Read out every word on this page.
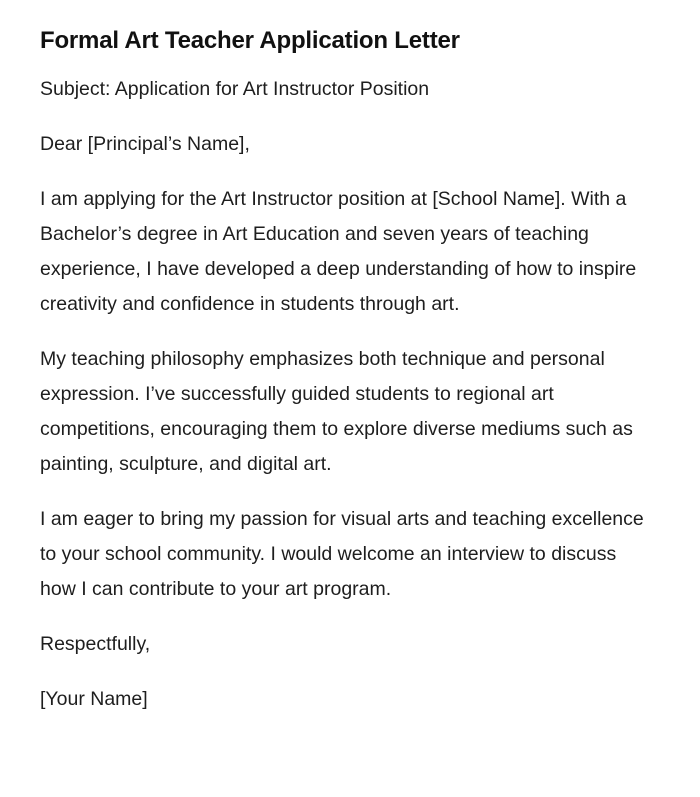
Formal Art Teacher Application Letter

Subject: Application for Art Instructor Position

Dear [Principal’s Name],

I am applying for the Art Instructor position at [School Name]. With a Bachelor’s degree in Art Education and seven years of teaching experience, I have developed a deep understanding of how to inspire creativity and confidence in students through art.

My teaching philosophy emphasizes both technique and personal expression. I’ve successfully guided students to regional art competitions, encouraging them to explore diverse mediums such as painting, sculpture, and digital art.

I am eager to bring my passion for visual arts and teaching excellence to your school community. I would welcome an interview to discuss how I can contribute to your art program.

Respectfully,

[Your Name]
